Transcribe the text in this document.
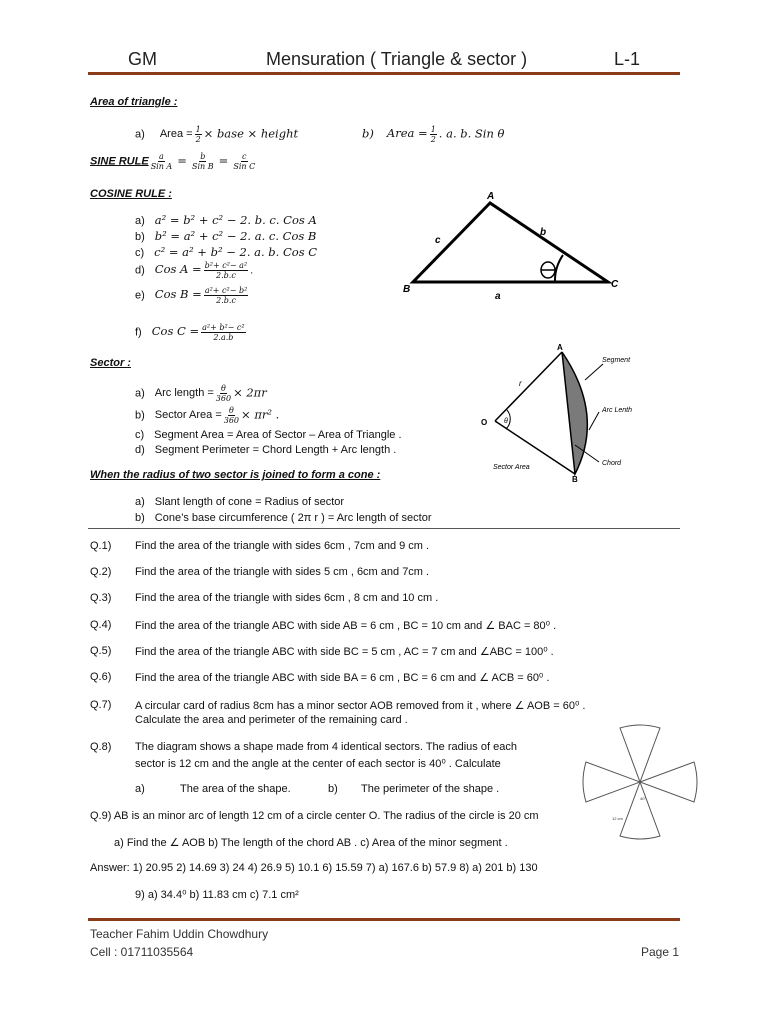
GM	Mensuration ( Triangle & sector )	L-1
Area of triangle :
a) Area = $\frac{1}{2}$ × base × height	b) Area = $\frac{1}{2}$ . a. b. Sin θ
SINE RULE $\frac{a}{\text{Sin A}} = \frac{b}{\text{Sin B}} = \frac{c}{\text{Sin C}}$
COSINE RULE :
a) a² = b² + c² − 2. b. c. Cos A
b) b² = a² + c² − 2. a. c. Cos B
c) c² = a² + b² − 2. a. b. Cos C
d) Cos $A = \frac{\text{b²+ c²− a²}}{2.b.c}$ .
e) Cos $B = \frac{\text{a²+ c²− b²}}{2.b.c}$
f) Cos $C = \frac{\text{a²+ b²− c²}}{2.a.b}$
A
B	C
a
b
c
Sector :
a) Arc length = $\frac{\theta}{360} \times 2\pi r$
b) Sector Area = $\frac{\theta}{360} \times \pi r^2$ .
c) Segment Area = Area of Sector – Area of Triangle .
d) Segment Perimeter = Chord Length + Arc length .
A
B
O
r
θ
Segment
Arc Lenth
Chord
Sector Area
When the radius of two sector is joined to form a cone :
a) Slant length of cone = Radius of sector
b) Cone’s base circumference ( 2π r ) = Arc length of sector
Q.1) Find the area of the triangle with sides 6cm , 7cm and 9 cm .
Q.2) Find the area of the triangle with sides 5 cm , 6cm and 7cm .
Q.3) Find the area of the triangle with sides 6cm , 8 cm and 10 cm .
Q.4) Find the area of the triangle ABC with side AB = 6 cm , BC = 10 cm and ∠ BAC = 80⁰ .
Q.5) Find the area of the triangle ABC with side BC = 5 cm , AC = 7 cm and ∠ABC = 100⁰ .
Q.6) Find the area of the triangle ABC with side BA = 6 cm , BC = 6 cm and ∠ ACB = 60⁰ .
Q.7) A circular card of radius 8cm has a minor sector AOB removed from it , where ∠ AOB = 60⁰ .
Calculate the area and perimeter of the remaining card .
Q.8) The diagram shows a shape made from 4 identical sectors. The radius of each
sector is 12 cm and the angle at the center of each sector is 40⁰ . Calculate
a)	The area of the shape.	b) The perimeter of the shape .
40°
12 cm
Q.9) AB is an minor arc of length 12 cm of a circle center O. The radius of the circle is 20 cm
a) Find the ∠ AOB b) The length of the chord AB . c) Area of the minor segment .
Answer: 1) 20.95 2) 14.69 3) 24 4) 26.9 5) 10.1 6) 15.59 7) a) 167.6 b) 57.9 8) a) 201 b) 130
9) a) 34.4⁰ b) 11.83 cm c) 7.1 cm²
Teacher Fahim Uddin Chowdhury
Cell : 01711035564	Page 1
